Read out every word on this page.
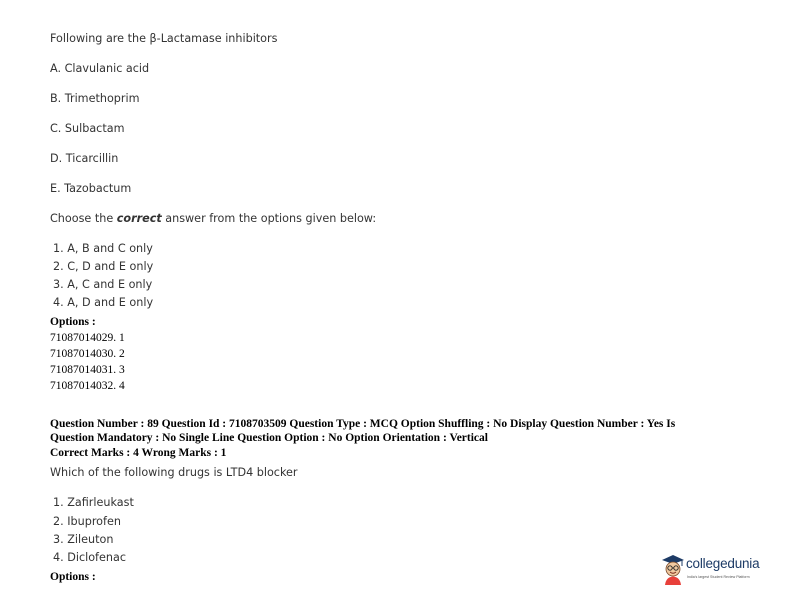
Following are the β-Lactamase inhibitors
A. Clavulanic acid
B. Trimethoprim
C. Sulbactam
D. Ticarcillin
E. Tazobactum
Choose the correct answer from the options given below:
1. A, B and C only
2. C, D and E only
3. A, C and E only
4. A, D and E only
Options :
71087014029. 1
71087014030. 2
71087014031. 3
71087014032. 4
Question Number : 89 Question Id : 7108703509 Question Type : MCQ Option Shuffling : No Display Question Number : Yes Is
Question Mandatory : No Single Line Question Option : No Option Orientation : Vertical
Correct Marks : 4 Wrong Marks : 1
Which of the following drugs is LTD4 blocker
1. Zafirleukast
2. Ibuprofen
3. Zileuton
4. Diclofenac
Options :
collegedunia
India's largest Student Review Platform
